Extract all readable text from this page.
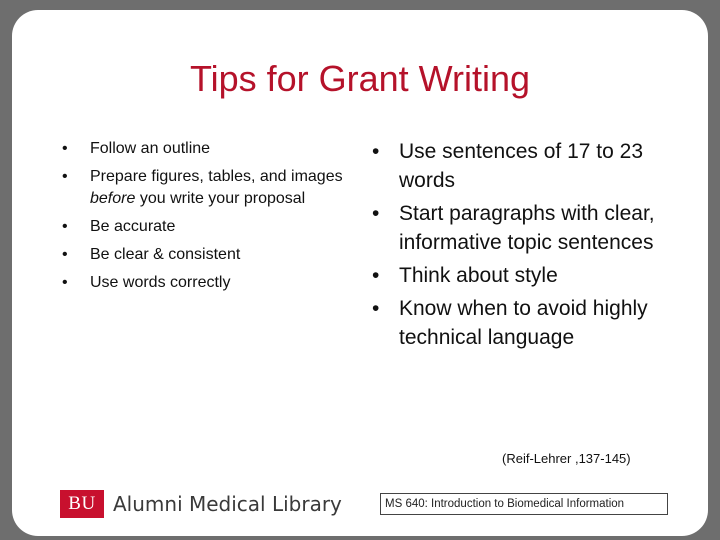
Tips for Grant Writing
• Follow an outline
• Prepare figures, tables, and images before you write your proposal
• Be accurate
• Be clear & consistent
• Use words correctly
• Use sentences of 17 to 23 words
• Start paragraphs with clear, informative topic sentences
• Think about style
• Know when to avoid highly technical language
(Reif-Lehrer ,137-145)
BU Alumni Medical Library	MS 640: Introduction to Biomedical Information
